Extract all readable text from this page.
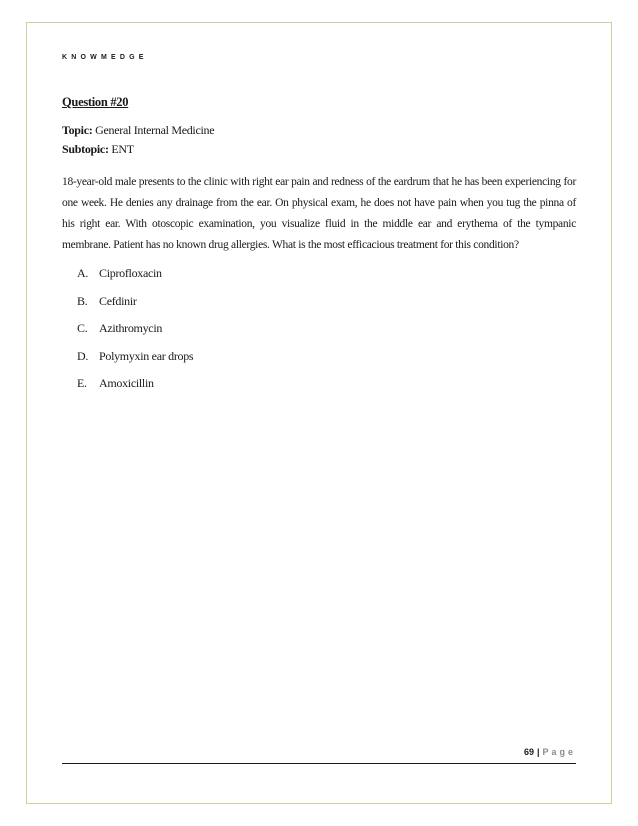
KNOWMEDGE
Question #20
Topic: General Internal Medicine
Subtopic: ENT

18-year-old male presents to the clinic with right ear pain and redness of the eardrum that he has been experiencing for one week. He denies any drainage from the ear. On physical exam, he does not have pain when you tug the pinna of his right ear. With otoscopic examination, you visualize fluid in the middle ear and erythema of the tympanic membrane. Patient has no known drug allergies. What is the most efficacious treatment for this condition?

A. Ciprofloxacin
B. Cefdinir
C. Azithromycin
D. Polymyxin ear drops
E.	Amoxicillin
69 | Page
